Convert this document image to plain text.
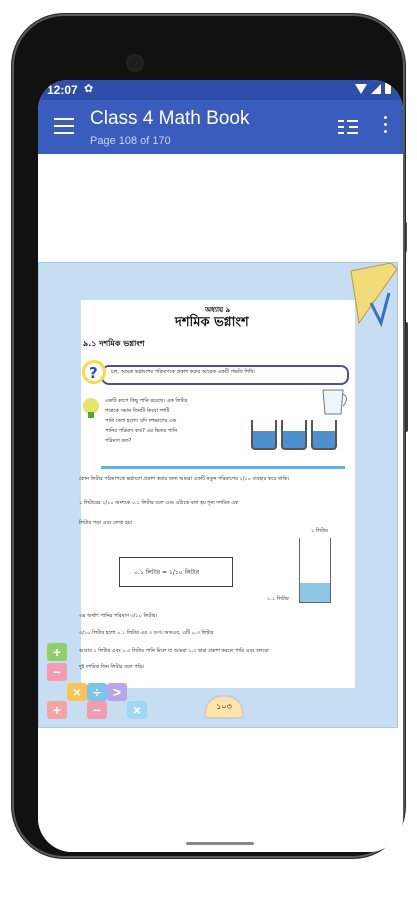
12:07 ✿
Class 4 Math Book
Page 108 of 170
অধ্যায় ৯
দশমিক ভগ্নাংশ
৯.১ দশমিক ভগ্নাংশ
?	চল, আমরা ভগ্নাংশের পরিমাণকে প্রকাশ করার আরেক একটি পদ্ধতি শিখি।
একটি কাপে কিছু পানি রয়েছে। এক লিটার
পাত্রকে সমান তিনটি কিংবা দশটি
পানি ঢালা হলো। যদি দশভাগের এক
পানির পরিমাণ কত? এর ভিতর পানি
পরিমাণ কত?
কোন লিটার পরিমাপকে ভগ্নাংশে প্রকাশ করার জন্য আমরা একটি নতুন পরিমাপের ১/১০ ব্যবহার করে থাকি।
১ লিটারের ১/১০ অংশকে ০.১ লিটার বলে এবং এটাকে বলা হয় শূন্য দশমিক এক
লিটার পড়া এবং লেখা হয়।
০.১ লিটার = ১/১০ লিটার
১ লিটার
০.১ লিটার
এর অর্থাৎ পানির পরিমাণ ৩/১০ লিটার।
৩/১০ লিটার হলো ০.১ লিটার এর ৩ গুণ। অতএব, এটি ০.৩ লিটার
আবার ২ লিটার এবং ০.৩ লিটার পানি মিলে যা আমরা ২.৩ দ্বারা প্রকাশ করতে পারি এবং বলবো
দুই দশমিক তিন লিটার বলে পড়ি।
+
−
× ÷ >
−
+	×	১০৩
